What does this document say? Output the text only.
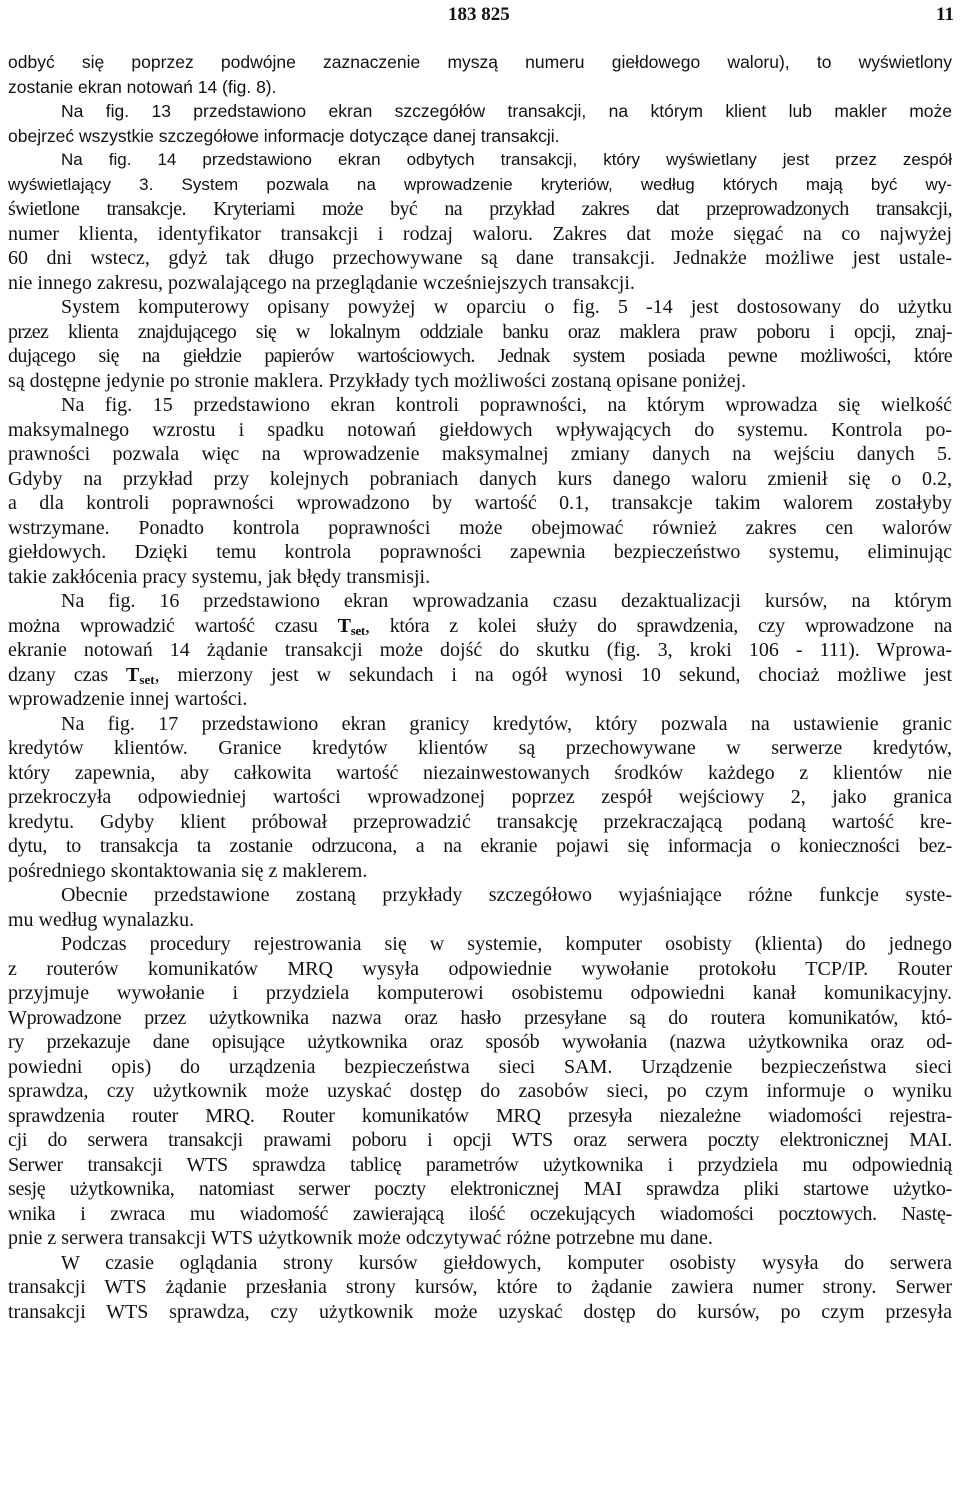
183 825	11
odbyć się poprzez podwójne zaznaczenie myszą numeru giełdowego waloru), to wyświetlony
zostanie ekran notowań 14 (fig. 8).
Na fig. 13 przedstawiono ekran szczegółów transakcji, na którym klient lub makler może
obejrzeć wszystkie szczegółowe informacje dotyczące danej transakcji.
Na fig. 14 przedstawiono ekran odbytych transakcji, który wyświetlany jest przez zespół
wyświetlający 3. System pozwala na wprowadzenie kryteriów, według których mają być wy-
świetlone transakcje. Kryteriami może być na przykład zakres dat przeprowadzonych transakcji,
numer klienta, identyfikator transakcji i rodzaj waloru. Zakres dat może sięgać na co najwyżej
60 dni wstecz, gdyż tak długo przechowywane są dane transakcji. Jednakże możliwe jest ustale-
nie innego zakresu, pozwalającego na przeglądanie wcześniejszych transakcji.
System komputerowy opisany powyżej w oparciu o fig. 5 -14 jest dostosowany do użytku
przez klienta znajdującego się w lokalnym oddziale banku oraz maklera praw poboru i opcji, znaj-
dującego się na giełdzie papierów wartościowych. Jednak system posiada pewne możliwości, które
są dostępne jedynie po stronie maklera. Przykłady tych możliwości zostaną opisane poniżej.
Na fig. 15 przedstawiono ekran kontroli poprawności, na którym wprowadza się wielkość
maksymalnego wzrostu i spadku notowań giełdowych wpływających do systemu. Kontrola po-
prawności pozwala więc na wprowadzenie maksymalnej zmiany danych na wejściu danych 5.
Gdyby na przykład przy kolejnych pobraniach danych kurs danego waloru zmienił się o 0.2,
a dla kontroli poprawności wprowadzono by wartość 0.1, transakcje takim walorem zostałyby
wstrzymane. Ponadto kontrola poprawności może obejmować również zakres cen walorów
giełdowych. Dzięki temu kontrola poprawności zapewnia bezpieczeństwo systemu, eliminując
takie zakłócenia pracy systemu, jak błędy transmisji.
Na fig. 16 przedstawiono ekran wprowadzania czasu dezaktualizacji kursów, na którym
można wprowadzić wartość czasu $T_{set}$, która z kolei służy do sprawdzenia, czy wprowadzone na
ekranie notowań 14 żądanie transakcji może dojść do skutku (fig. 3, kroki 106 - 111). Wprowa-
dzany czas $T_{set}$, mierzony jest w sekundach i na ogół wynosi 10 sekund, chociaż możliwe jest
wprowadzenie innej wartości.
Na fig. 17 przedstawiono ekran granicy kredytów, który pozwala na ustawienie granic
kredytów klientów. Granice kredytów klientów są przechowywane w serwerze kredytów,
który zapewnia, aby całkowita wartość niezainwestowanych środków każdego z klientów nie
przekroczyła odpowiedniej wartości wprowadzonej poprzez zespół wejściowy 2, jako granica
kredytu. Gdyby klient próbował przeprowadzić transakcję przekraczającą podaną wartość kre-
dytu, to transakcja ta zostanie odrzucona, a na ekranie pojawi się informacja o konieczności bez-
pośredniego skontaktowania się z maklerem.
Obecnie przedstawione zostaną przykłady szczegółowo wyjaśniające różne funkcje syste-
mu według wynalazku.
Podczas procedury rejestrowania się w systemie, komputer osobisty (klienta) do jednego
z routerów komunikatów MRQ wysyła odpowiednie wywołanie protokołu TCP/IP. Router
przyjmuje wywołanie i przydziela komputerowi osobistemu odpowiedni kanał komunikacyjny.
Wprowadzone przez użytkownika nazwa oraz hasło przesyłane są do routera komunikatów, któ-
ry przekazuje dane opisujące użytkownika oraz sposób wywołania (nazwa użytkownika oraz od-
powiedni opis) do urządzenia bezpieczeństwa sieci SAM. Urządzenie bezpieczeństwa sieci
sprawdza, czy użytkownik może uzyskać dostęp do zasobów sieci, po czym informuje o wyniku
sprawdzenia router MRQ. Router komunikatów MRQ przesyła niezależne wiadomości rejestra-
cji do serwera transakcji prawami poboru i opcji WTS oraz serwera poczty elektronicznej MAI.
Serwer transakcji WTS sprawdza tablicę parametrów użytkownika i przydziela mu odpowiednią
sesję użytkownika, natomiast serwer poczty elektronicznej MAI sprawdza pliki startowe użytko-
wnika i zwraca mu wiadomość zawierającą ilość oczekujących wiadomości pocztowych. Nastę-
pnie z serwera transakcji WTS użytkownik może odczytywać różne potrzebne mu dane.
W czasie oglądania strony kursów giełdowych, komputer osobisty wysyła do serwera
transakcji WTS żądanie przesłania strony kursów, które to żądanie zawiera numer strony. Serwer
transakcji WTS sprawdza, czy użytkownik może uzyskać dostęp do kursów, po czym przesyła
